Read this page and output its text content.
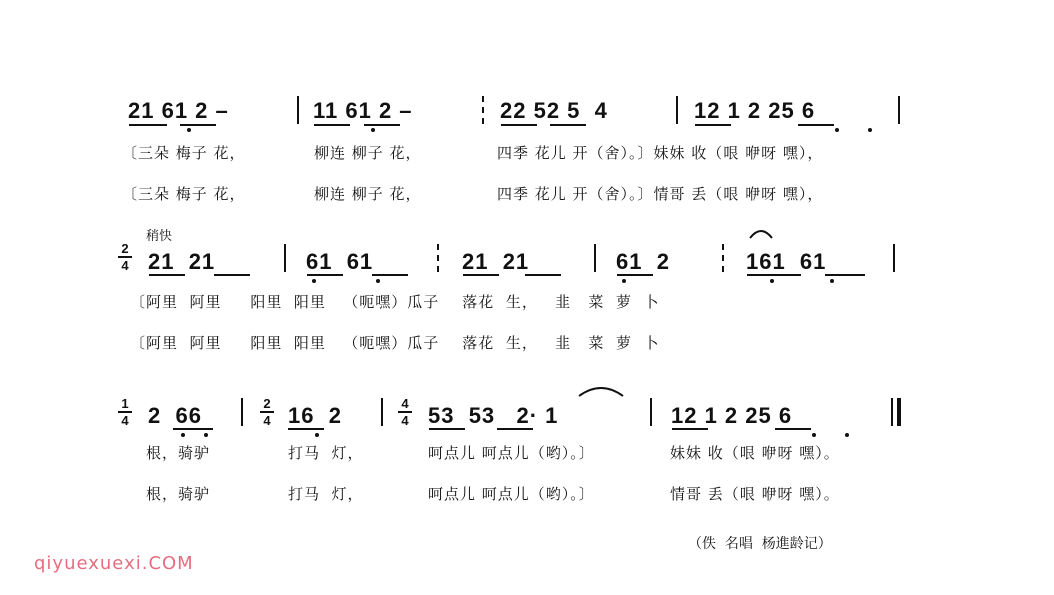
21 61 2 –	11 61 2 –	22 52 5  4	12 1 2 25 6
〔三朵 梅子 花，	柳连 柳子 花，	四季 花儿 开（舍）。〕妹妹 收（哏 咿呀 嘿），
〔三朵 梅子 花，	柳连 柳子 花，	四季 花儿 开（舍）。〕情哥 丢（哏 咿呀 嘿），
稍快
2
4 21  21	61  61	21  21	61  2	161  61
〔阿里  阿里     阳里  阳里   （呃嘿）瓜子    落花  生，   韭   菜  萝  卜
〔阿里  阿里     阳里  阳里   （呃嘿）瓜子    落花  生，   韭   菜  萝  卜
1
4 2  66	2
4 16  2	4
4 53  53   2· 1	12 1 2 25 6
根，骑驴	打马  灯，	呵点儿 呵点儿（哟）。〕	妹妹 收（哏 咿呀 嘿）。
根，骑驴	打马  灯，	呵点儿 呵点儿（哟）。〕	情哥 丢（哏 咿呀 嘿）。
（佚  名唱  杨進龄记）
qiyuexuexi.COM
